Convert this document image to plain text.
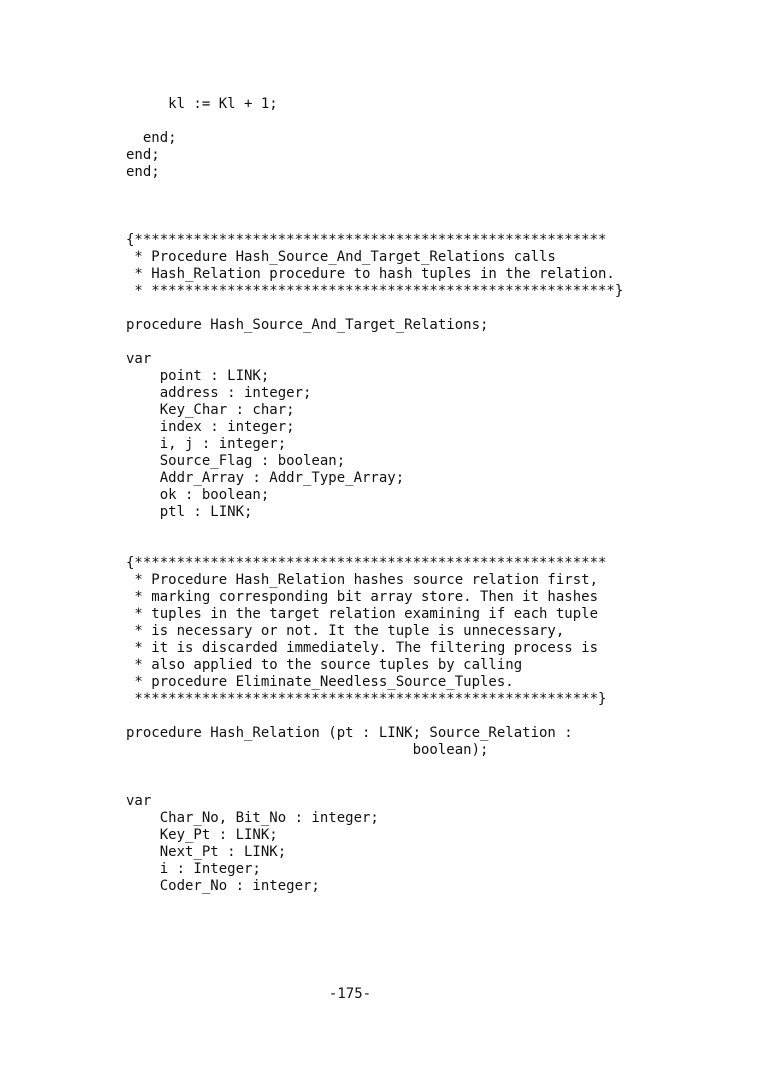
kl := Kl + 1;
end;
end;
end;
{********************************************************
* Procedure Hash_Source_And_Target_Relations calls
* Hash_Relation procedure to hash tuples in the relation.
* *******************************************************}
procedure Hash_Source_And_Target_Relations;
var
point : LINK;
address : integer;
Key_Char : char;
index : integer;
i, j : integer;
Source_Flag : boolean;
Addr_Array : Addr_Type_Array;
ok : boolean;
ptl : LINK;
{********************************************************
* Procedure Hash_Relation hashes source relation first,
* marking corresponding bit array store. Then it hashes
* tuples in the target relation examining if each tuple
* is necessary or not. It the tuple is unnecessary,
* it is discarded immediately. The filtering process is
* also applied to the source tuples by calling
* procedure Eliminate_Needless_Source_Tuples.
*******************************************************}
procedure Hash_Relation (pt : LINK; Source_Relation :
boolean);
var
Char_No, Bit_No : integer;
Key_Pt : LINK;
Next_Pt : LINK;
i : Integer;
Coder_No : integer;
-175-
